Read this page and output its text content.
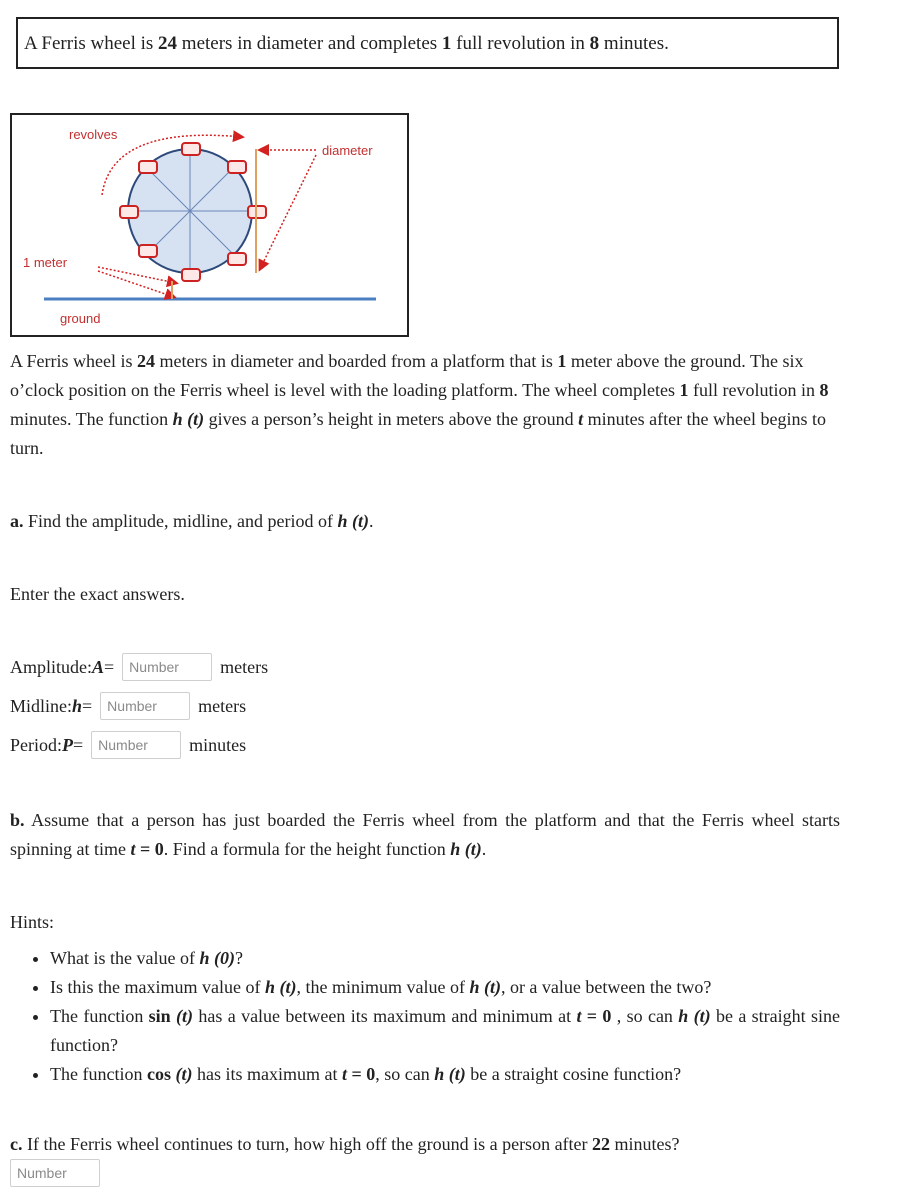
A Ferris wheel is 24 meters in diameter and completes 1 full revolution in 8 minutes.
revolves
diameter
1 meter
ground
A Ferris wheel is 24 meters in diameter and boarded from a platform that is 1 meter above the ground. The six o’clock position on the Ferris wheel is level with the loading platform. The wheel completes 1 full revolution in 8 minutes. The function h (t) gives a person’s height in meters above the ground t minutes after the wheel begins to turn.
a. Find the amplitude, midline, and period of h (t).
Enter the exact answers.
Amplitude: A =
Number	meters
Midline: h =
Number	meters
Period: P =
Number	minutes
b. Assume that a person has just boarded the Ferris wheel from the platform and that the Ferris wheel starts spinning at time t = 0. Find a formula for the height function h (t).
Hints:
• What is the value of h (0)?
• Is this the maximum value of h (t), the minimum value of h (t), or a value between the two?
• The function sin (t) has a value between its maximum and minimum at t = 0 , so can h (t) be a straight sine function?
• The function cos (t) has its maximum at t = 0, so can h (t) be a straight cosine function?
c. If the Ferris wheel continues to turn, how high off the ground is a person after 22 minutes?
Number
